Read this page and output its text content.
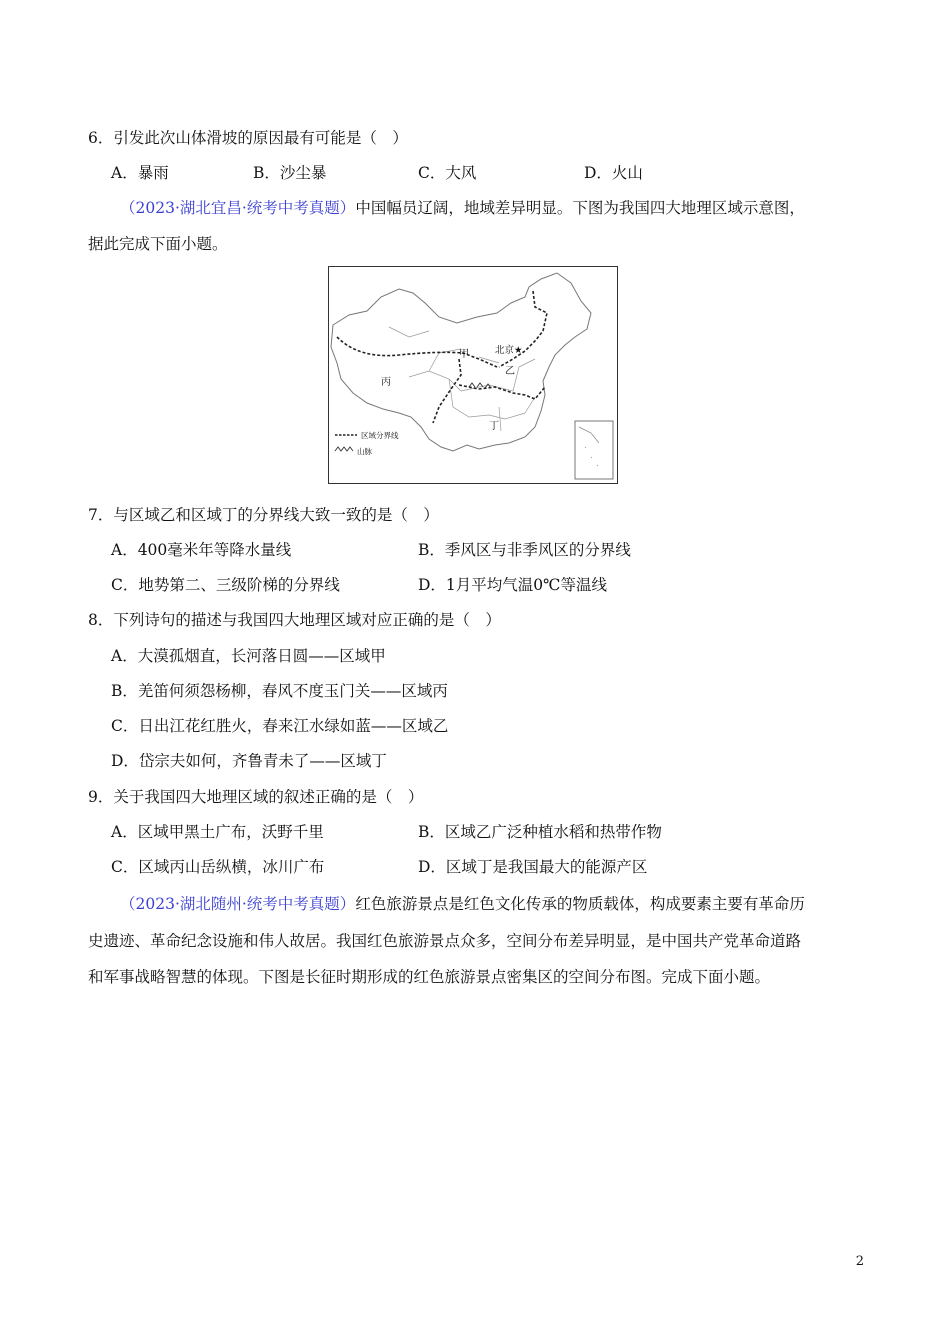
6．引发此次山体滑坡的原因最有可能是（　）
A．暴雨	B．沙尘暴	C．大风	D．火山
（2023·湖北宜昌·统考中考真题）中国幅员辽阔，地域差异明显。下图为我国四大地理区域示意图，
据此完成下面小题。
甲
乙
丙
丁
北京★
区域分界线
山脉
7．与区域乙和区域丁的分界线大致一致的是（　）
A．400毫米年等降水量线	B．季风区与非季风区的分界线
C．地势第二、三级阶梯的分界线	D．1月平均气温0℃等温线
8．下列诗句的描述与我国四大地理区域对应正确的是（　）
A．大漠孤烟直，长河落日圆——区域甲
B．羌笛何须怨杨柳，春风不度玉门关——区域丙
C．日出江花红胜火，春来江水绿如蓝——区域乙
D．岱宗夫如何，齐鲁青未了——区域丁
9．关于我国四大地理区域的叙述正确的是（　）
A．区域甲黑土广布，沃野千里	B．区域乙广泛种植水稻和热带作物
C．区域丙山岳纵横，冰川广布	D．区域丁是我国最大的能源产区
（2023·湖北随州·统考中考真题）红色旅游景点是红色文化传承的物质载体，构成要素主要有革命历
史遗迹、革命纪念设施和伟人故居。我国红色旅游景点众多，空间分布差异明显，是中国共产党革命道路
和军事战略智慧的体现。下图是长征时期形成的红色旅游景点密集区的空间分布图。完成下面小题。
2
